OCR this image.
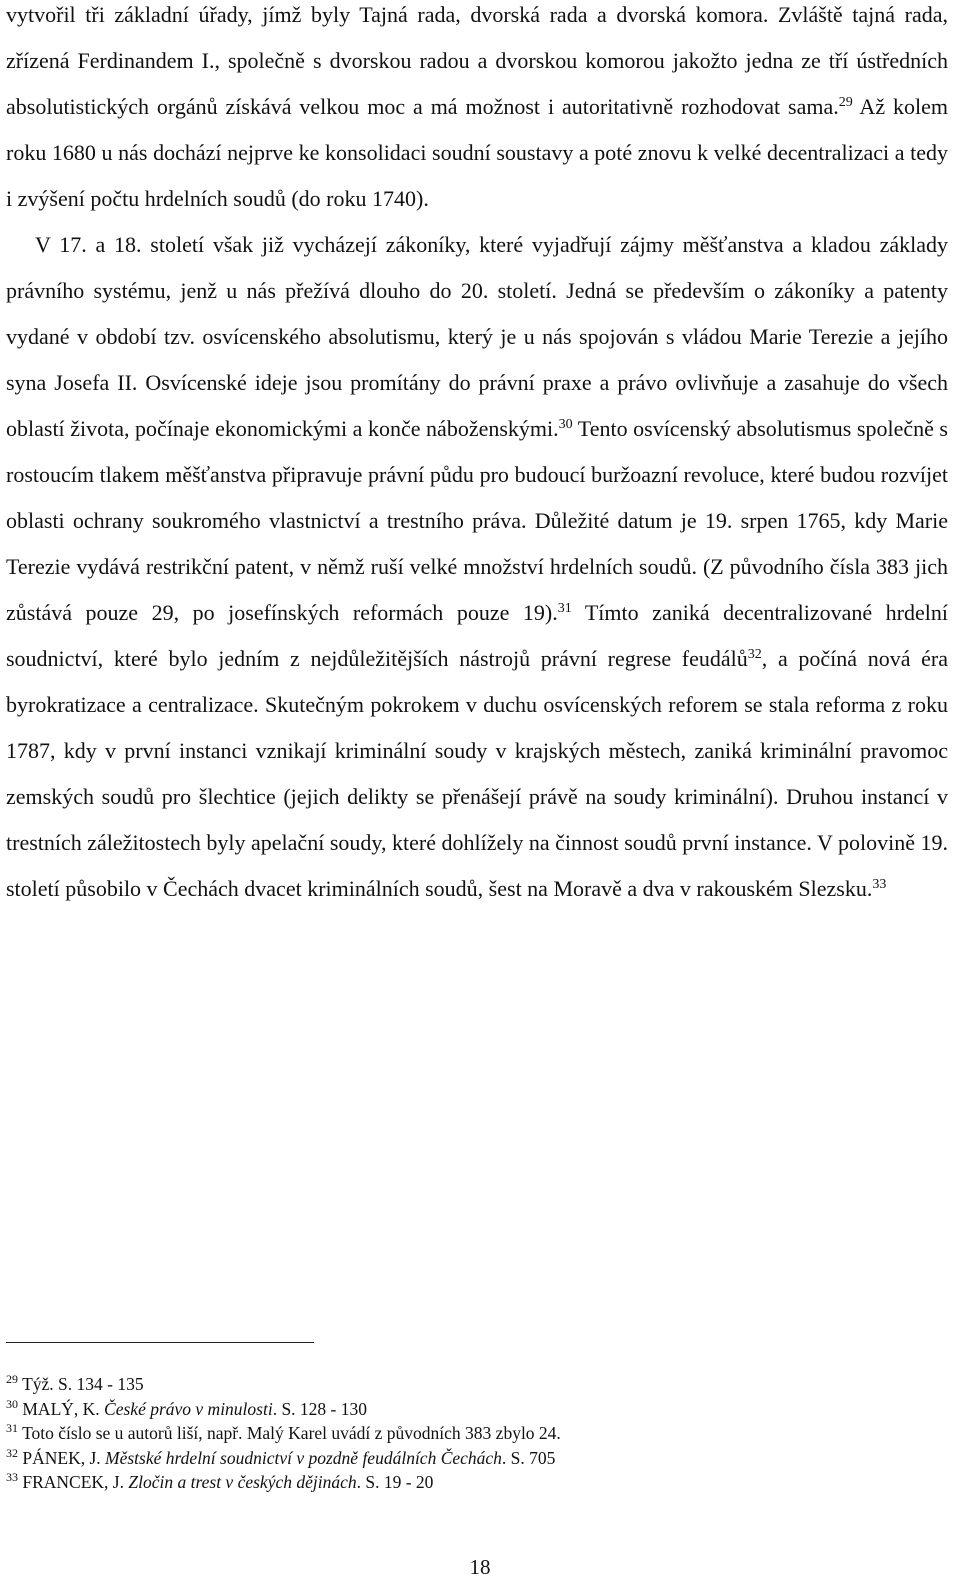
vytvořil tři základní úřady, jímž byly Tajná rada, dvorská rada a dvorská komora. Zvláště tajná rada, zřízená Ferdinandem I., společně s dvorskou radou a dvorskou komorou jakožto jedna ze tří ústředních absolutistických orgánů získává velkou moc a má možnost i autoritativně rozhodovat sama.$^{29}$ Až kolem roku 1680 u nás dochází nejprve ke konsolidaci soudní soustavy a poté znovu k velké decentralizaci a tedy i zvýšení počtu hrdelních soudů (do roku 1740).

V 17. a 18. století však již vycházejí zákoníky, které vyjadřují zájmy měšťanstva a kladou základy právního systému, jenž u nás přežívá dlouho do 20. století. Jedná se především o zákoníky a patenty vydané v období tzv. osvícenského absolutismu, který je u nás spojován s vládou Marie Terezie a jejího syna Josefa II. Osvícenské ideje jsou promítány do právní praxe a právo ovlivňuje a zasahuje do všech oblastí života, počínaje ekonomickými a konče náboženskými.$^{30}$ Tento osvícenský absolutismus společně s rostoucím tlakem měšťanstva připravuje právní půdu pro budoucí buržoazní revoluce, které budou rozvíjet oblasti ochrany soukromého vlastnictví a trestního práva. Důležité datum je 19. srpen 1765, kdy Marie Terezie vydává restrikční patent, v němž ruší velké množství hrdelních soudů. (Z původního čísla 383 jich zůstává pouze 29, po josefínských reformách pouze 19).$^{31}$ Tímto zaniká decentralizované hrdelní soudnictví, které bylo jedním z nejdůležitějších nástrojů právní regrese feudálů$^{32}$, a počíná nová éra byrokratizace a centralizace. Skutečným pokrokem v duchu osvícenských reforem se stala reforma z roku 1787, kdy v první instanci vznikají kriminální soudy v krajských městech, zaniká kriminální pravomoc zemských soudů pro šlechtice (jejich delikty se přenášejí právě na soudy kriminální). Druhou instancí v trestních záležitostech byly apelační soudy, které dohlížely na činnost soudů první instance. V polovině 19. století působilo v Čechách dvacet kriminálních soudů, šest na Moravě a dva v rakouském Slezsku.$^{33}$

$^{29}$ Týž. S. 134 - 135
$^{30}$ MALÝ, K. České právo v minulosti. S. 128 - 130
$^{31}$ Toto číslo se u autorů liší, např. Malý Karel uvádí z původních 383 zbylo 24.
$^{32}$ PÁNEK, J. Městské hrdelní soudnictví v pozdně feudálních Čechách. S. 705
$^{33}$ FRANCEK, J. Zločin a trest v českých dějinách. S. 19 - 20
18
